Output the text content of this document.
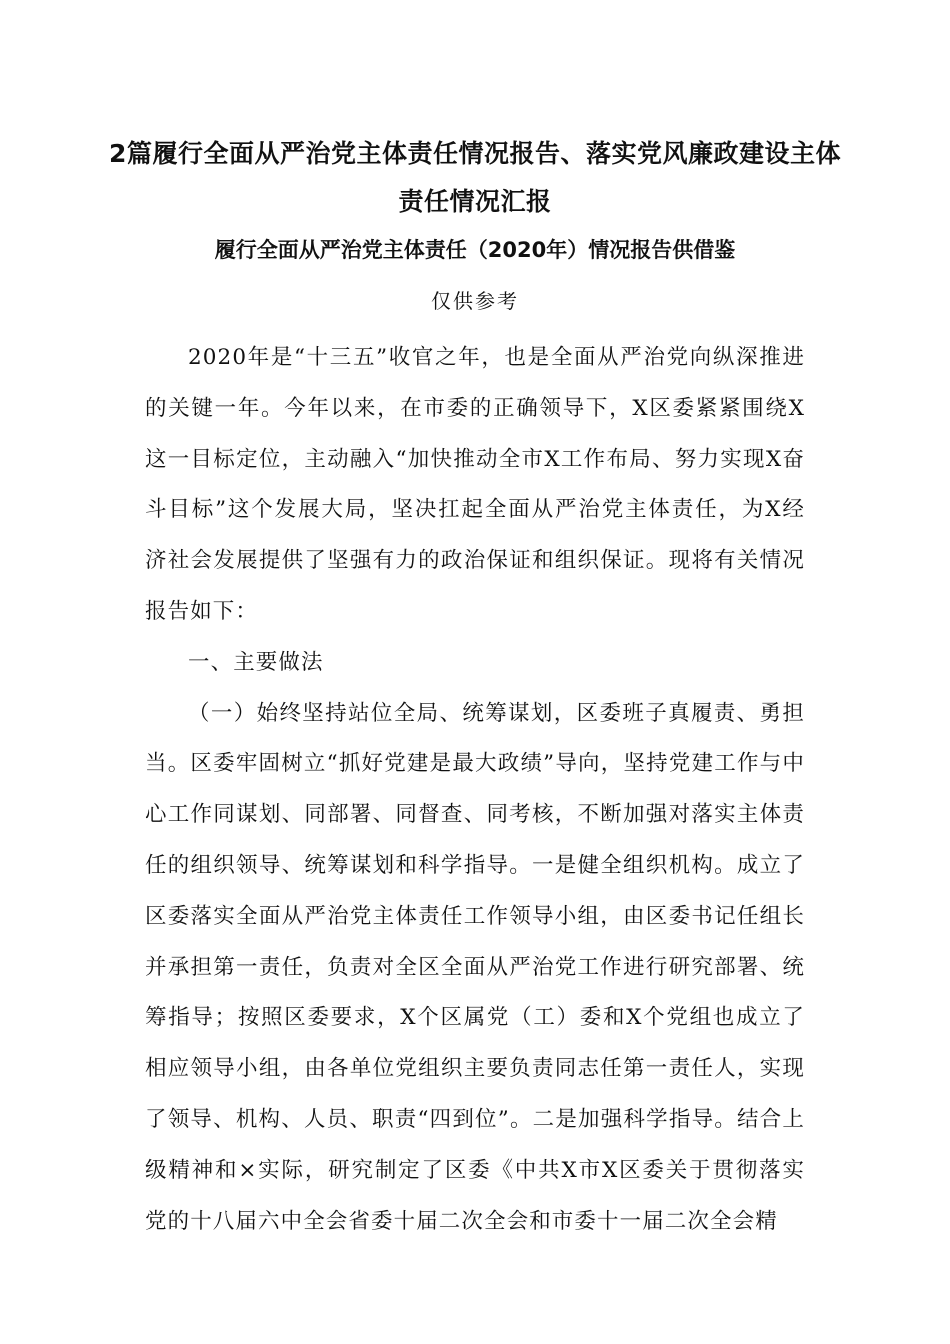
2篇履行全面从严治党主体责任情况报告、落实党风廉政建设主体责任情况汇报
履行全面从严治党主体责任（2020年）情况报告供借鉴
仅供参考

2020年是“十三五”收官之年，也是全面从严治党向纵深推进的关键一年。今年以来，在市委的正确领导下，X区委紧紧围绕X这一目标定位，主动融入“加快推动全市X工作布局、努力实现X奋斗目标”这个发展大局，坚决扛起全面从严治党主体责任，为X经济社会发展提供了坚强有力的政治保证和组织保证。现将有关情况报告如下：

一、主要做法

（一）始终坚持站位全局、统筹谋划，区委班子真履责、勇担当。区委牢固树立“抓好党建是最大政绩”导向，坚持党建工作与中心工作同谋划、同部署、同督查、同考核，不断加强对落实主体责任的组织领导、统筹谋划和科学指导。一是健全组织机构。成立了区委落实全面从严治党主体责任工作领导小组，由区委书记任组长并承担第一责任，负责对全区全面从严治党工作进行研究部署、统筹指导；按照区委要求，X个区属党（工）委和X个党组也成立了相应领导小组，由各单位党组织主要负责同志任第一责任人，实现了领导、机构、人员、职责“四到位”。二是加强科学指导。结合上级精神和×实际，研究制定了区委《中共X市X区委关于贯彻落实党的十八届六中全会省委十届二次全会和市委十一届二次全会精
